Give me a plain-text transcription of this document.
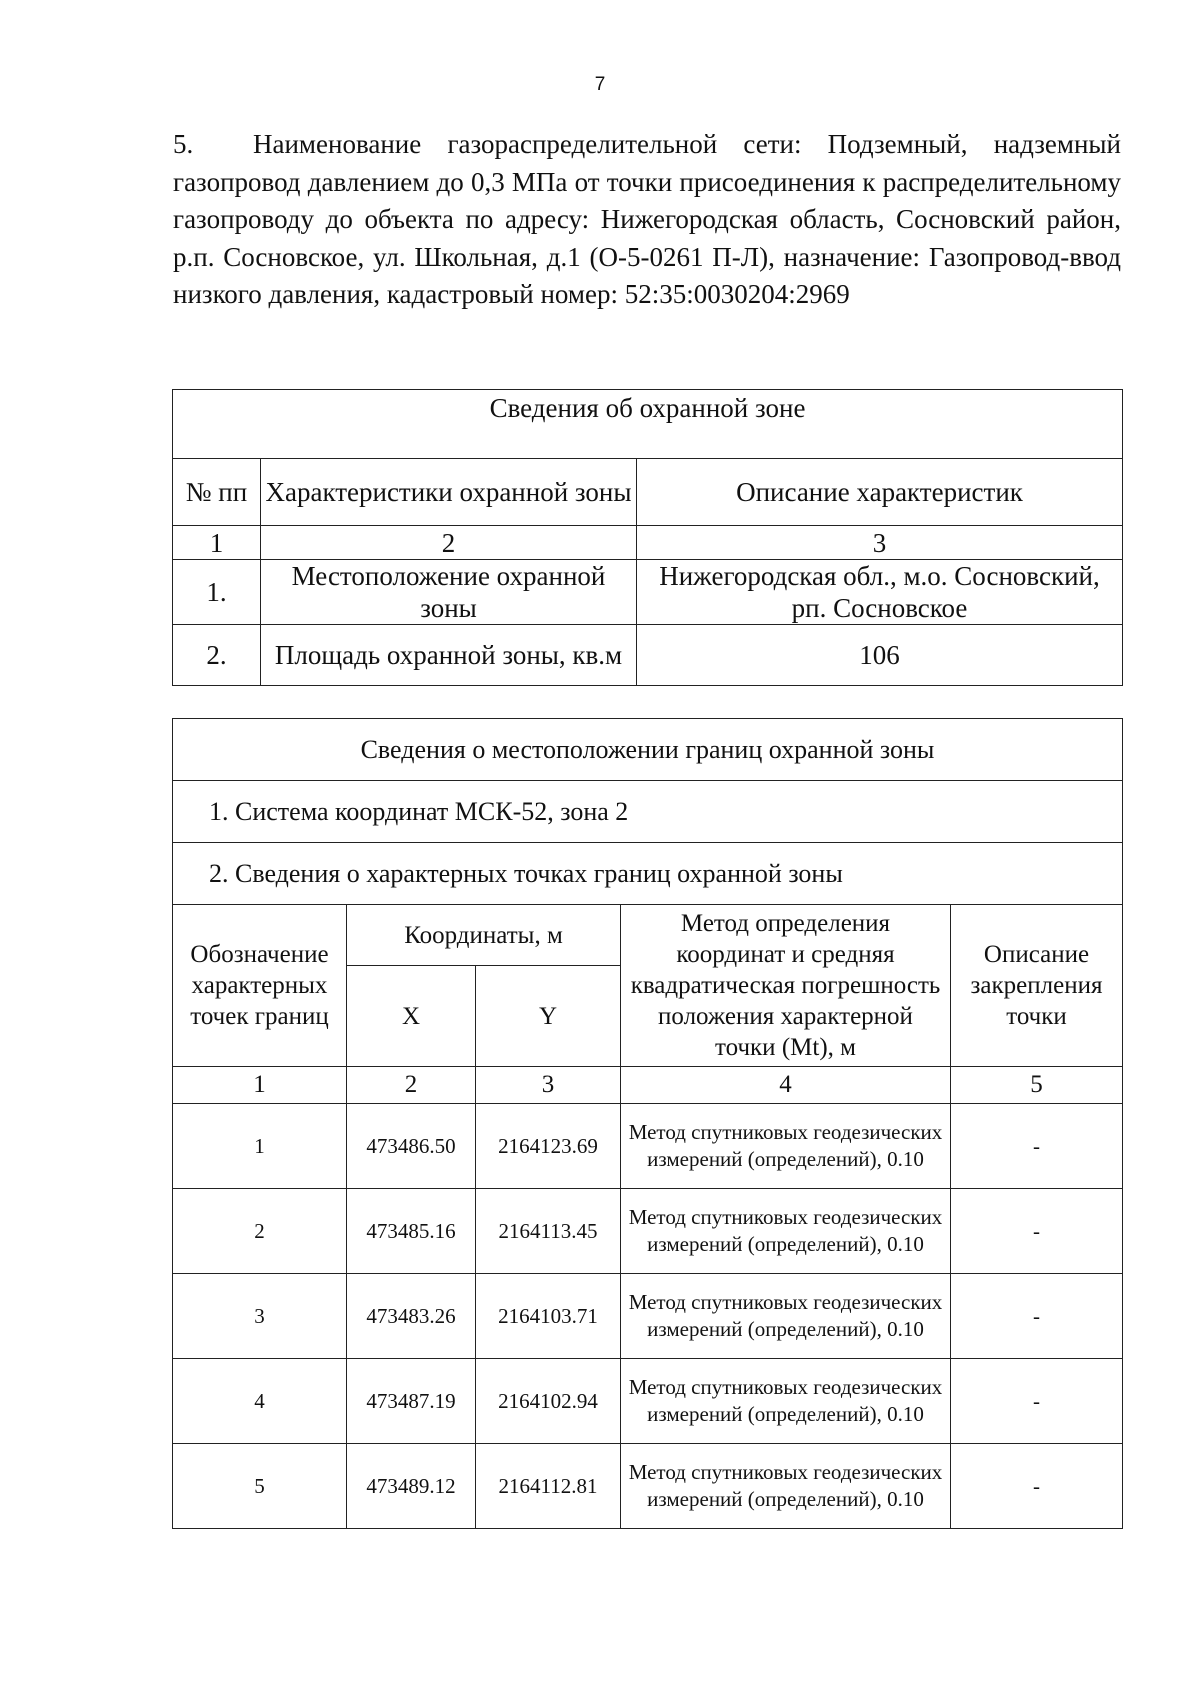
7
5. Наименование газораспределительной сети: Подземный, надземный газопровод давлением до 0,3 МПа от точки присоединения к распределительному газопроводу до объекта по адресу: Нижегородская область, Сосновский район, р.п. Сосновское, ул. Школьная, д.1 (О-5-0261 П-Л), назначение: Газопровод-ввод низкого давления, кадастровый номер: 52:35:0030204:2969
Сведения об охранной зоне		
№ пп	Характеристики охранной зоны	Описание характеристик
1	2	3
1.	Местоположение охранной зоны	Нижегородская обл., м.о. Сосновский, рп. Сосновское
2.	Площадь охранной зоны, кв.м	106
Сведения о местоположении границ охранной зоны				
1. Система координат МСК-52, зона 2				
2. Сведения о характерных точках границ охранной зоны				
Обозначение характерных точек границ	Координаты, м		Метод определения координат и средняя квадратическая погрешность положения характерной точки (Mt), м	Описание закрепления точки
	X	Y		
1	2	3	4	5
1	473486.50	2164123.69	Метод спутниковых геодезических измерений (определений), 0.10	-
2	473485.16	2164113.45	Метод спутниковых геодезических измерений (определений), 0.10	-
3	473483.26	2164103.71	Метод спутниковых геодезических измерений (определений), 0.10	-
4	473487.19	2164102.94	Метод спутниковых геодезических измерений (определений), 0.10	-
5	473489.12	2164112.81	Метод спутниковых геодезических измерений (определений), 0.10	-
